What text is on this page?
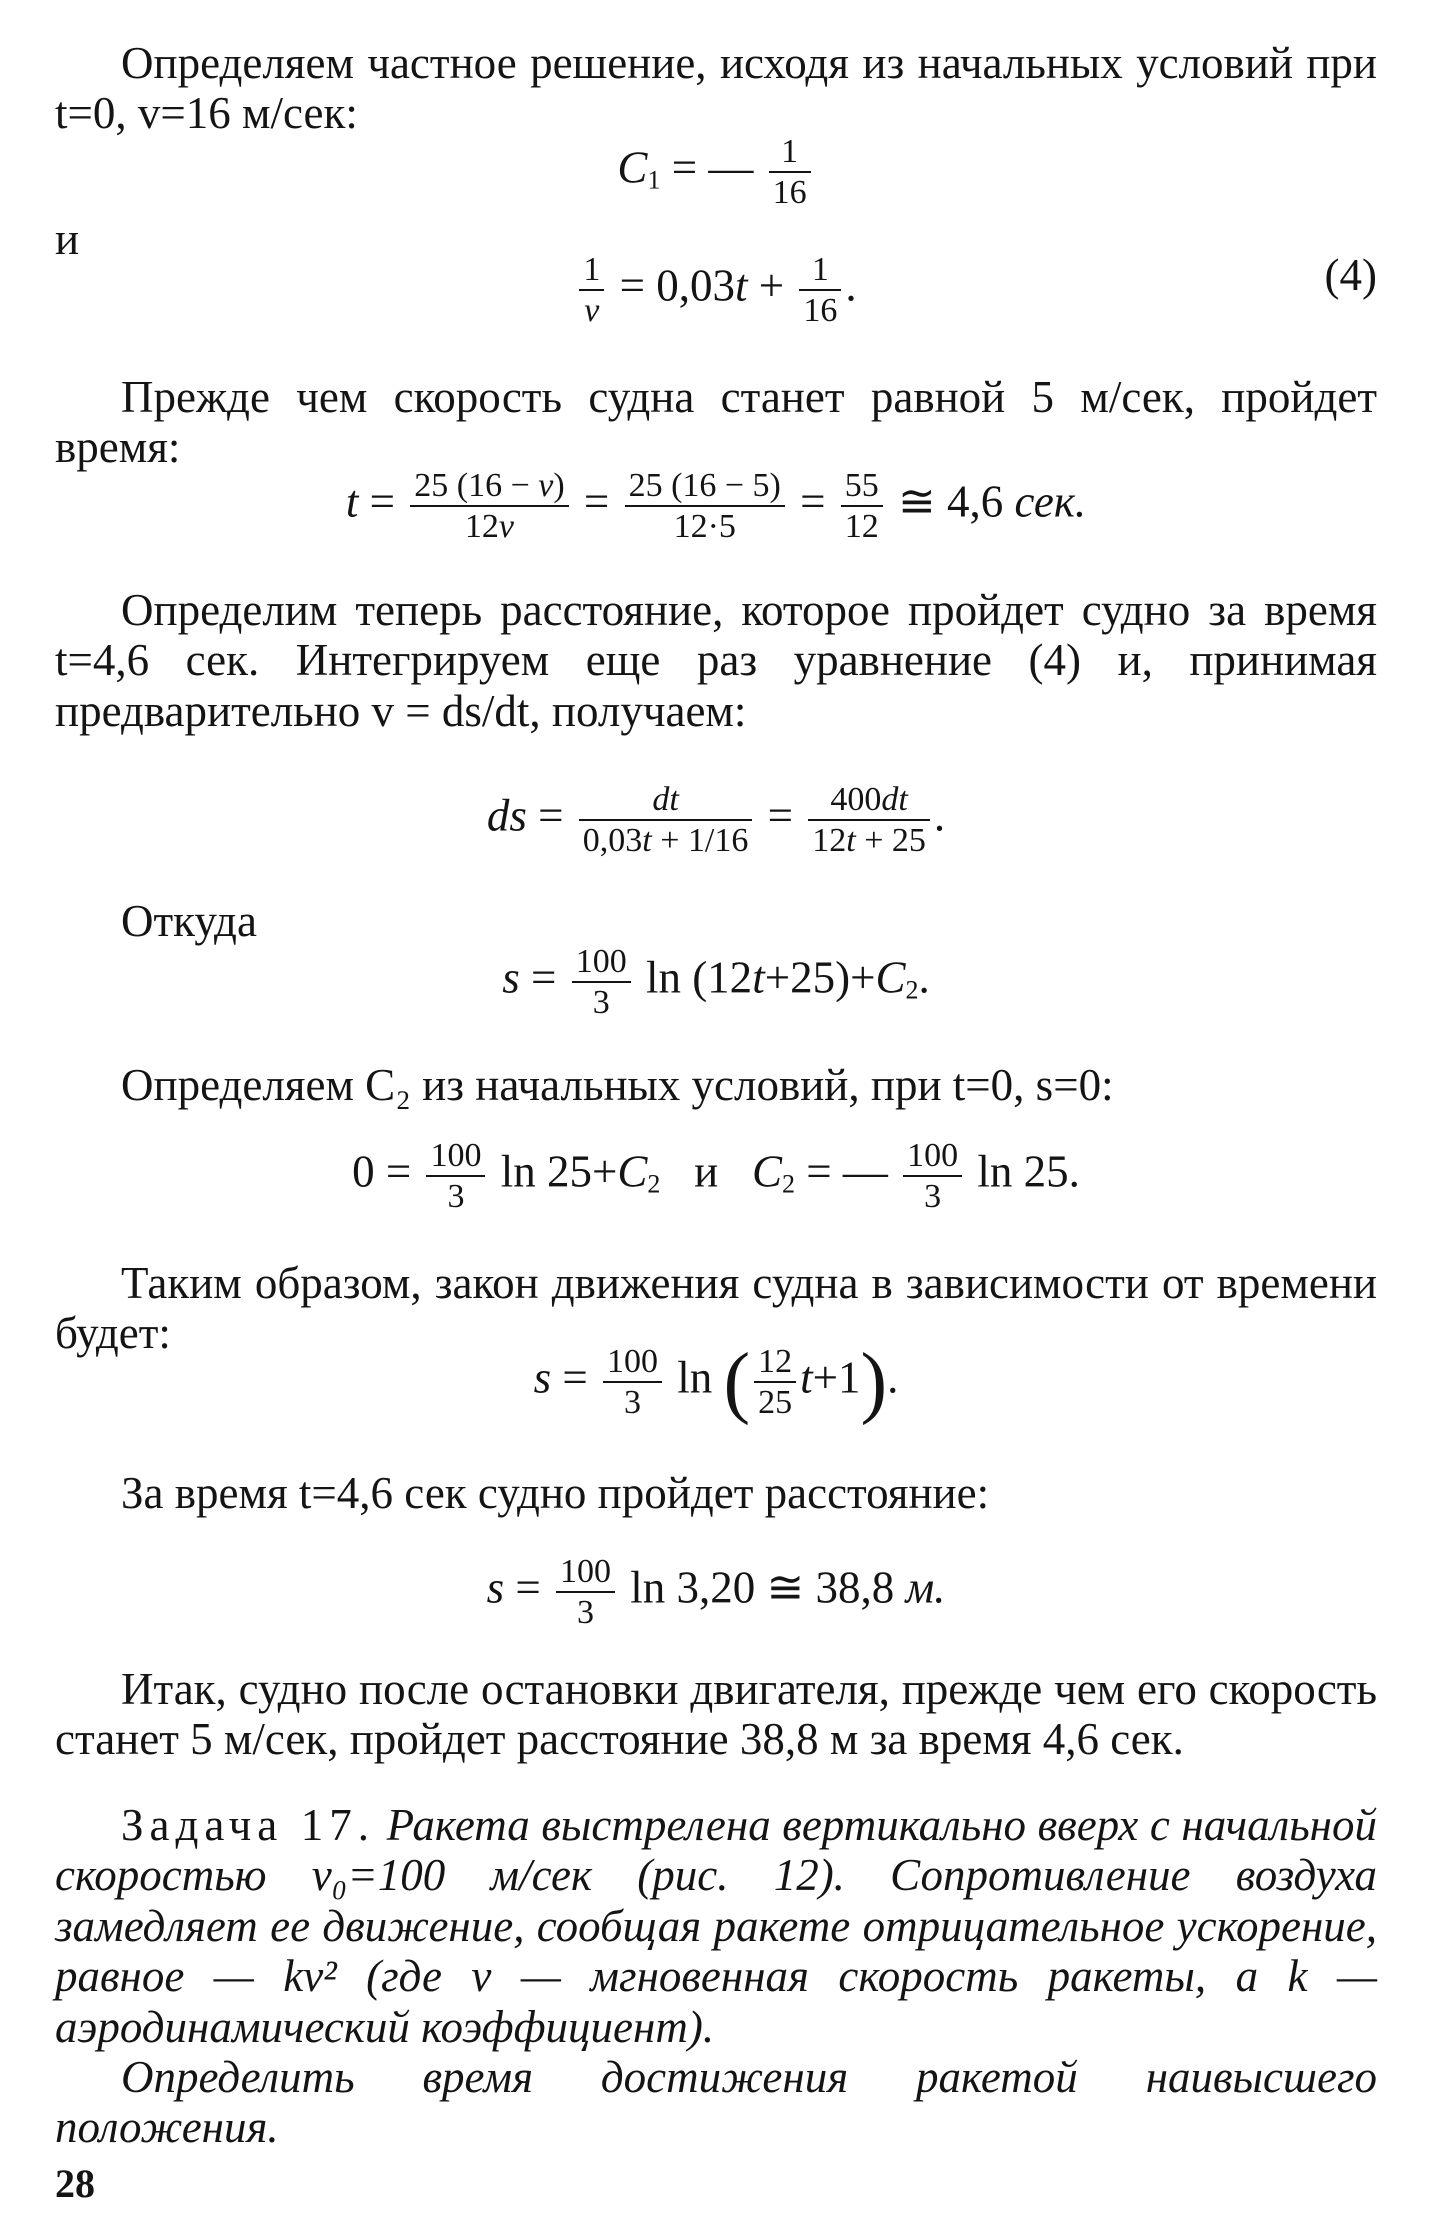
Определяем частное решение, исходя из начальных условий при t=0, v=16 м/сек:

$C_1$ = — $\frac{1}{16}$
и
$\frac{1}{v} = 0,03t + \frac{1}{16}$ .	(4)

Прежде чем скорость судна станет равной 5 м/сек, пройдет время:

$t = \frac{25 (16 - v)}{12v} = \frac{25 (16 - 5)}{12\cdot 5} = \frac{55}{12}$ ≅ 4,6 сек.

Определим теперь расстояние, которое пройдет судно за время t=4,6 сек. Интегрируем еще раз уравнение (4) и, принимая предварительно v = ds/dt, получаем:

ds = $\frac{dt}{0,03t + 1/16} = \frac{400dt}{12t + 25}$ .
Откуда
$s = \frac{100}{3}$ $\ln (12t+25)+C_2$.

Определяем C₂ из начальных условий, при t=0, s=0:

$0 = \frac{100}{3}$ $\ln 25+C_2$   и   $C_2$ = — $\frac{100}{3}$ ln 25.

Таким образом, закон движения судна в зависимости от времени будет:

$s = \frac{100}{3}$ ln ( $\frac{12}{25} t+1$).

За время t=4,6 сек судно пройдет расстояние:

$s = \frac{100}{3}$ ln 3,20 ≅ 38,8 м.

Итак, судно после остановки двигателя, прежде чем его скорость станет 5 м/сек, пройдет расстояние 38,8 м за время 4,6 сек.

Задача 17. Ракета выстрелена вертикально вверх с начальной скоростью v₀=100 м/сек (рис. 12). Сопротивление воздуха замедляет ее движение, сообщая ракете отрицательное ускорение, равное — kv² (где v — мгновенная скорость ракеты, а k — аэродинамический коэффициент).

Определить время достижения ракетой наивысшего положения.

28
